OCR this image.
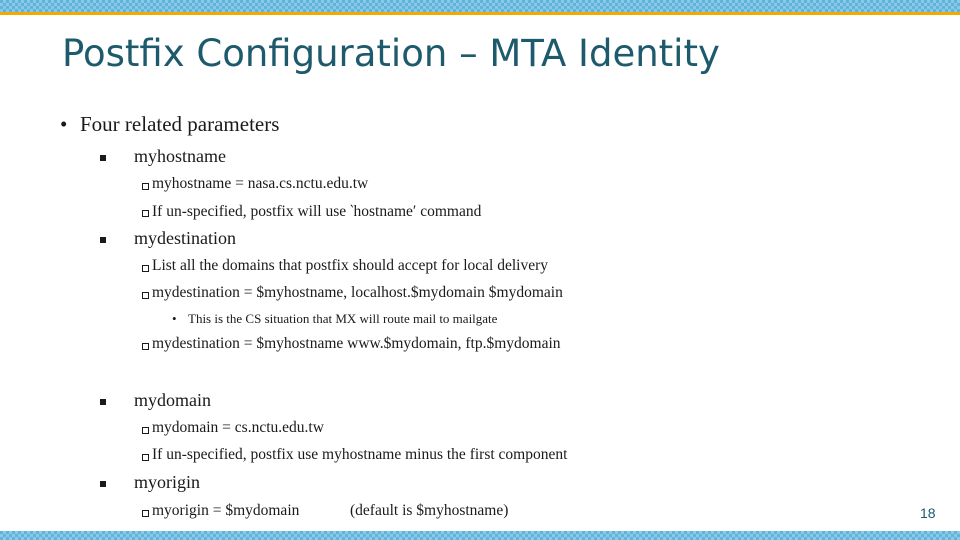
Postfix Configuration – MTA Identity
• Four related parameters
myhostname
myhostname = nasa.cs.nctu.edu.tw
If un-specified, postfix will use ‵hostname′ command
mydestination
List all the domains that postfix should accept for local delivery
mydestination = $myhostname, localhost.$mydomain $mydomain
• This is the CS situation that MX will route mail to mailgate
mydestination = $myhostname www.$mydomain, ftp.$mydomain
mydomain
mydomain = cs.nctu.edu.tw
If un-specified, postfix use myhostname minus the first component
myorigin
myorigin = $mydomain	(default is $myhostname)	18
